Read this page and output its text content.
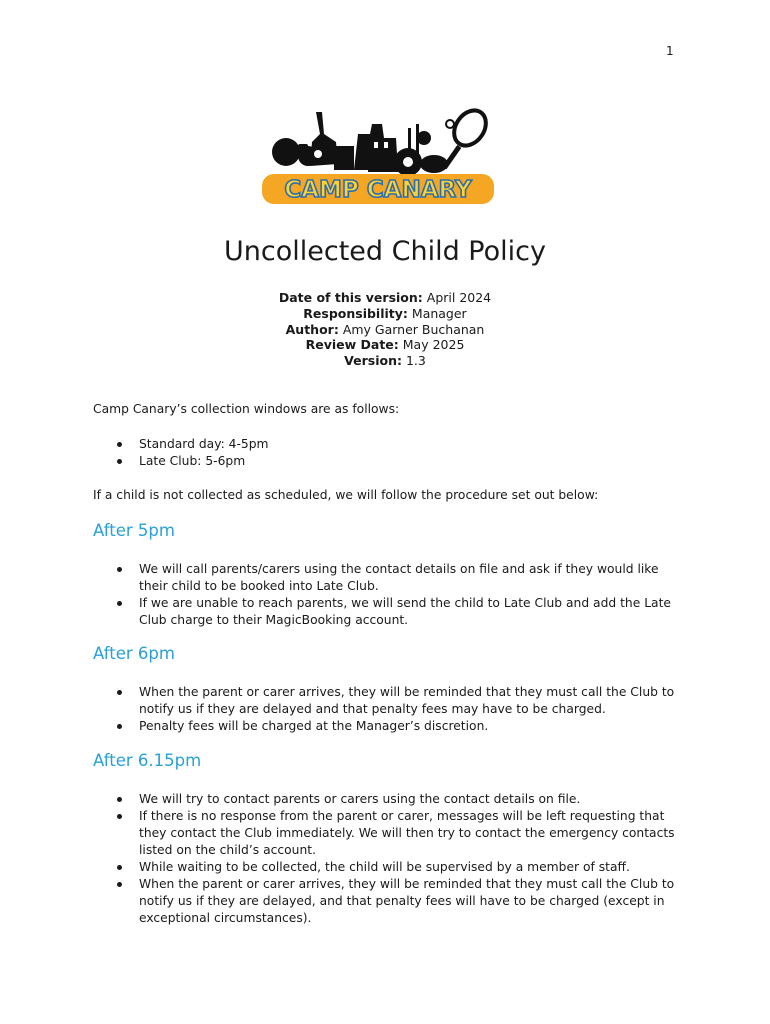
1
CAMP CANARY
Uncollected Child Policy
Date of this version: April 2024
Responsibility: Manager
Author: Amy Garner Buchanan
Review Date: May 2025
Version: 1.3

Camp Canary’s collection windows are as follows:

Standard day: 4-5pm
Late Club: 5-6pm

If a child is not collected as scheduled, we will follow the procedure set out below:

After 5pm
We will call parents/carers using the contact details on file and ask if they would like their child to be booked into Late Club.
If we are unable to reach parents, we will send the child to Late Club and add the Late Club charge to their MagicBooking account.
After 6pm
When the parent or carer arrives, they will be reminded that they must call the Club to notify us if they are delayed and that penalty fees may have to be charged.
Penalty fees will be charged at the Manager’s discretion.
After 6.15pm
We will try to contact parents or carers using the contact details on file.
If there is no response from the parent or carer, messages will be left requesting that they contact the Club immediately. We will then try to contact the emergency contacts listed on the child’s account.
While waiting to be collected, the child will be supervised by a member of staff.
When the parent or carer arrives, they will be reminded that they must call the Club to notify us if they are delayed, and that penalty fees will have to be charged (except in exceptional circumstances).
